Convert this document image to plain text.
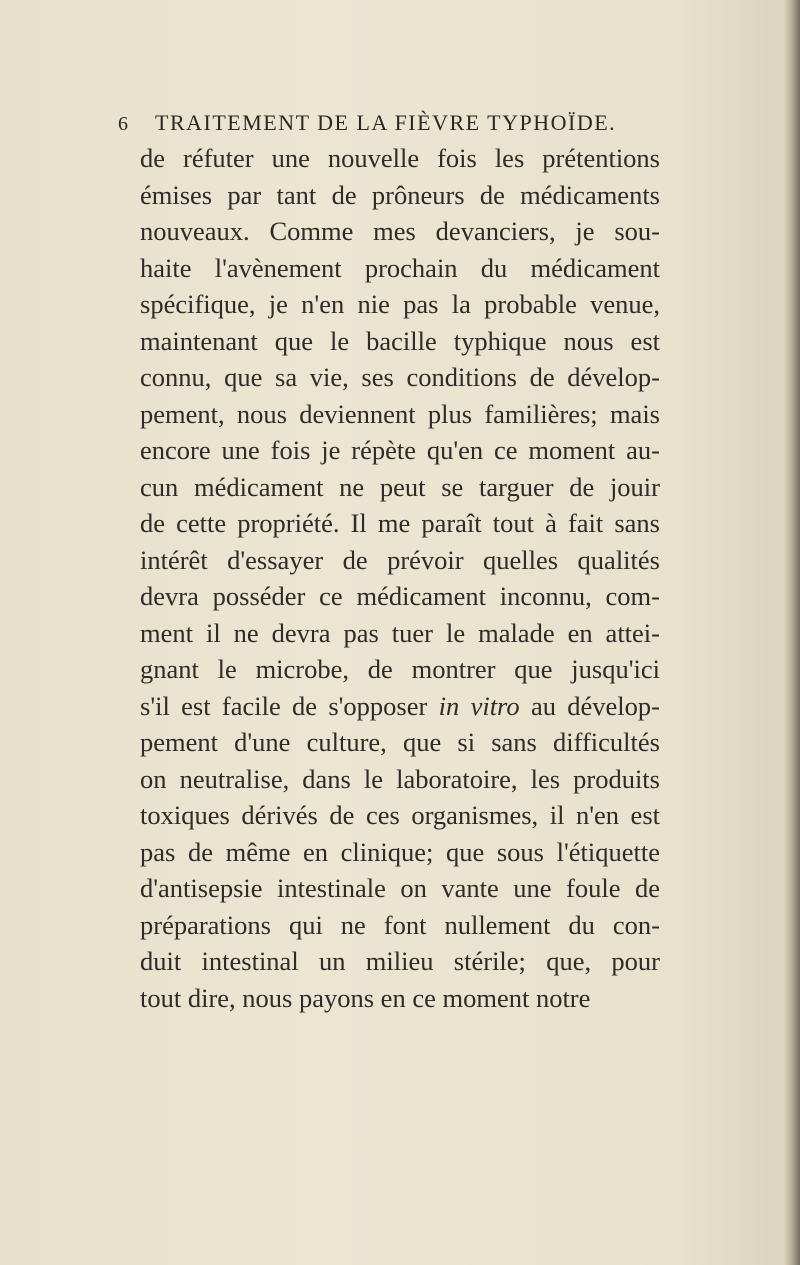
6 TRAITEMENT DE LA FIÈVRE TYPHOÏDE.
de réfuter une nouvelle fois les prétentions
émises par tant de prôneurs de médicaments
nouveaux. Comme mes devanciers, je sou-
haite l'avènement prochain du médicament
spécifique, je n'en nie pas la probable venue,
maintenant que le bacille typhique nous est
connu, que sa vie, ses conditions de dévelop-
pement, nous deviennent plus familières; mais
encore une fois je répète qu'en ce moment au-
cun médicament ne peut se targuer de jouir
de cette propriété. Il me paraît tout à fait sans
intérêt d'essayer de prévoir quelles qualités
devra posséder ce médicament inconnu, com-
ment il ne devra pas tuer le malade en attei-
gnant le microbe, de montrer que jusqu'ici
s'il est facile de s'opposer in vitro au dévelop-
pement d'une culture, que si sans difficultés
on neutralise, dans le laboratoire, les produits
toxiques dérivés de ces organismes, il n'en est
pas de même en clinique; que sous l'étiquette
d'antisepsie intestinale on vante une foule de
préparations qui ne font nullement du con-
duit intestinal un milieu stérile; que, pour
tout dire, nous payons en ce moment notre
